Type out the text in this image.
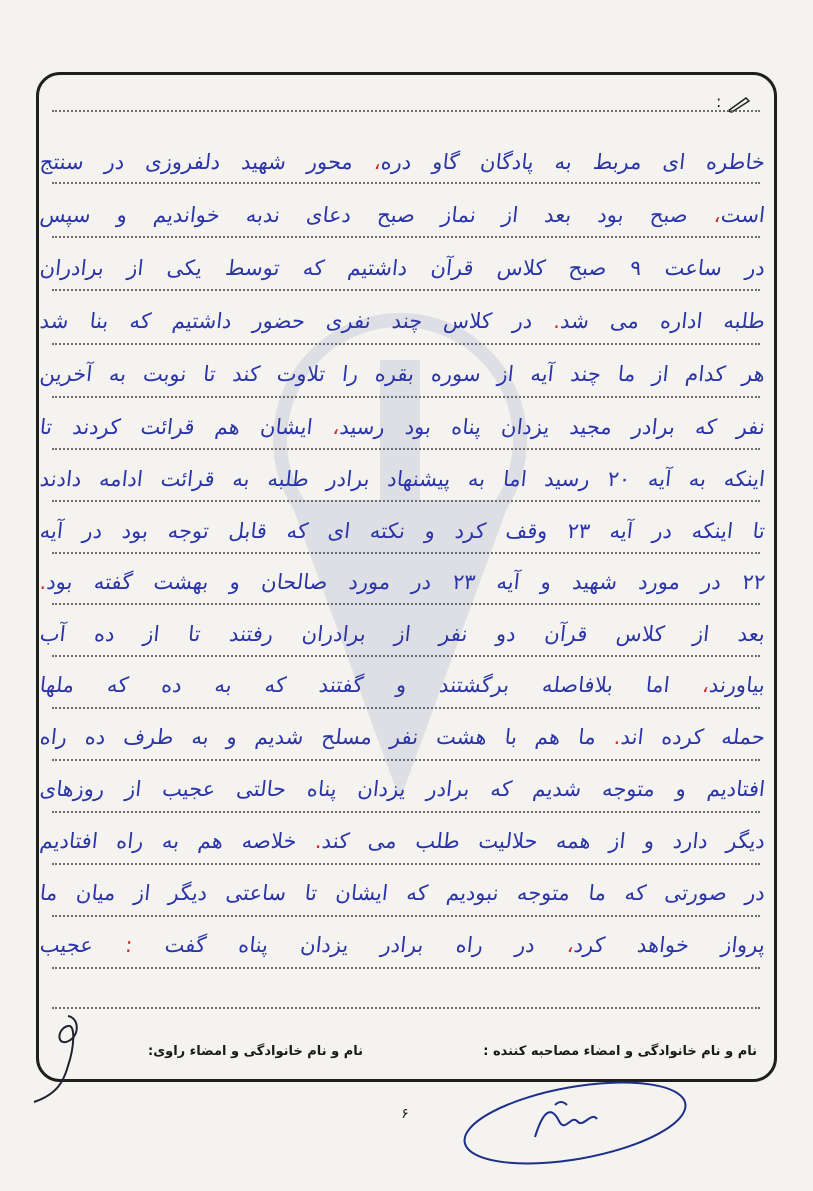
:
خاطره ای مربط به پادگان گاو دره، محور شهید دلفروزی در سنتج
است، صبح بود بعد از نماز صبح دعای ندبه خواندیم و سپس
در ساعت ۹ صبح کلاس قرآن داشتیم که توسط یکی از برادران
طلبه اداره می شد. در کلاس چند نفری حضور داشتیم که بنا شد
هر کدام از ما چند آیه از سوره بقره را تلاوت کند تا نوبت به آخرین
نفر که برادر مجید یزدان پناه بود رسید، ایشان هم قرائت کردند تا
اینکه به آیه ۲۰ رسید اما به پیشنهاد برادر طلبه به قرائت ادامه دادند
تا اینکه در آیه ۲۳ وقف کرد و نکته ای که قابل توجه بود در آیه
۲۲ در مورد شهید و آیه ۲۳ در مورد صالحان و بهشت گفته بود.
بعد از کلاس قرآن دو نفر از برادران رفتند تا از ده آب
بیاورند، اما بلافاصله برگشتند و گفتند که به ده که ملها
حمله کرده اند. ما هم با هشت نفر مسلح شدیم و به طرف ده راه
افتادیم و متوجه شدیم که برادر یزدان پناه حالتی عجیب از روزهای
دیگر دارد و از همه حلالیت طلب می کند. خلاصه هم به راه افتادیم
در صورتی که ما متوجه نبودیم که ایشان تا ساعتی دیگر از میان ما
پرواز خواهد کرد، در راه برادر یزدان پناه گفت : عجیب
نام و نام خانوادگی و امضاء مصاحبه کننده :
نام و نام خانوادگی و امضاء راوی:
۶
